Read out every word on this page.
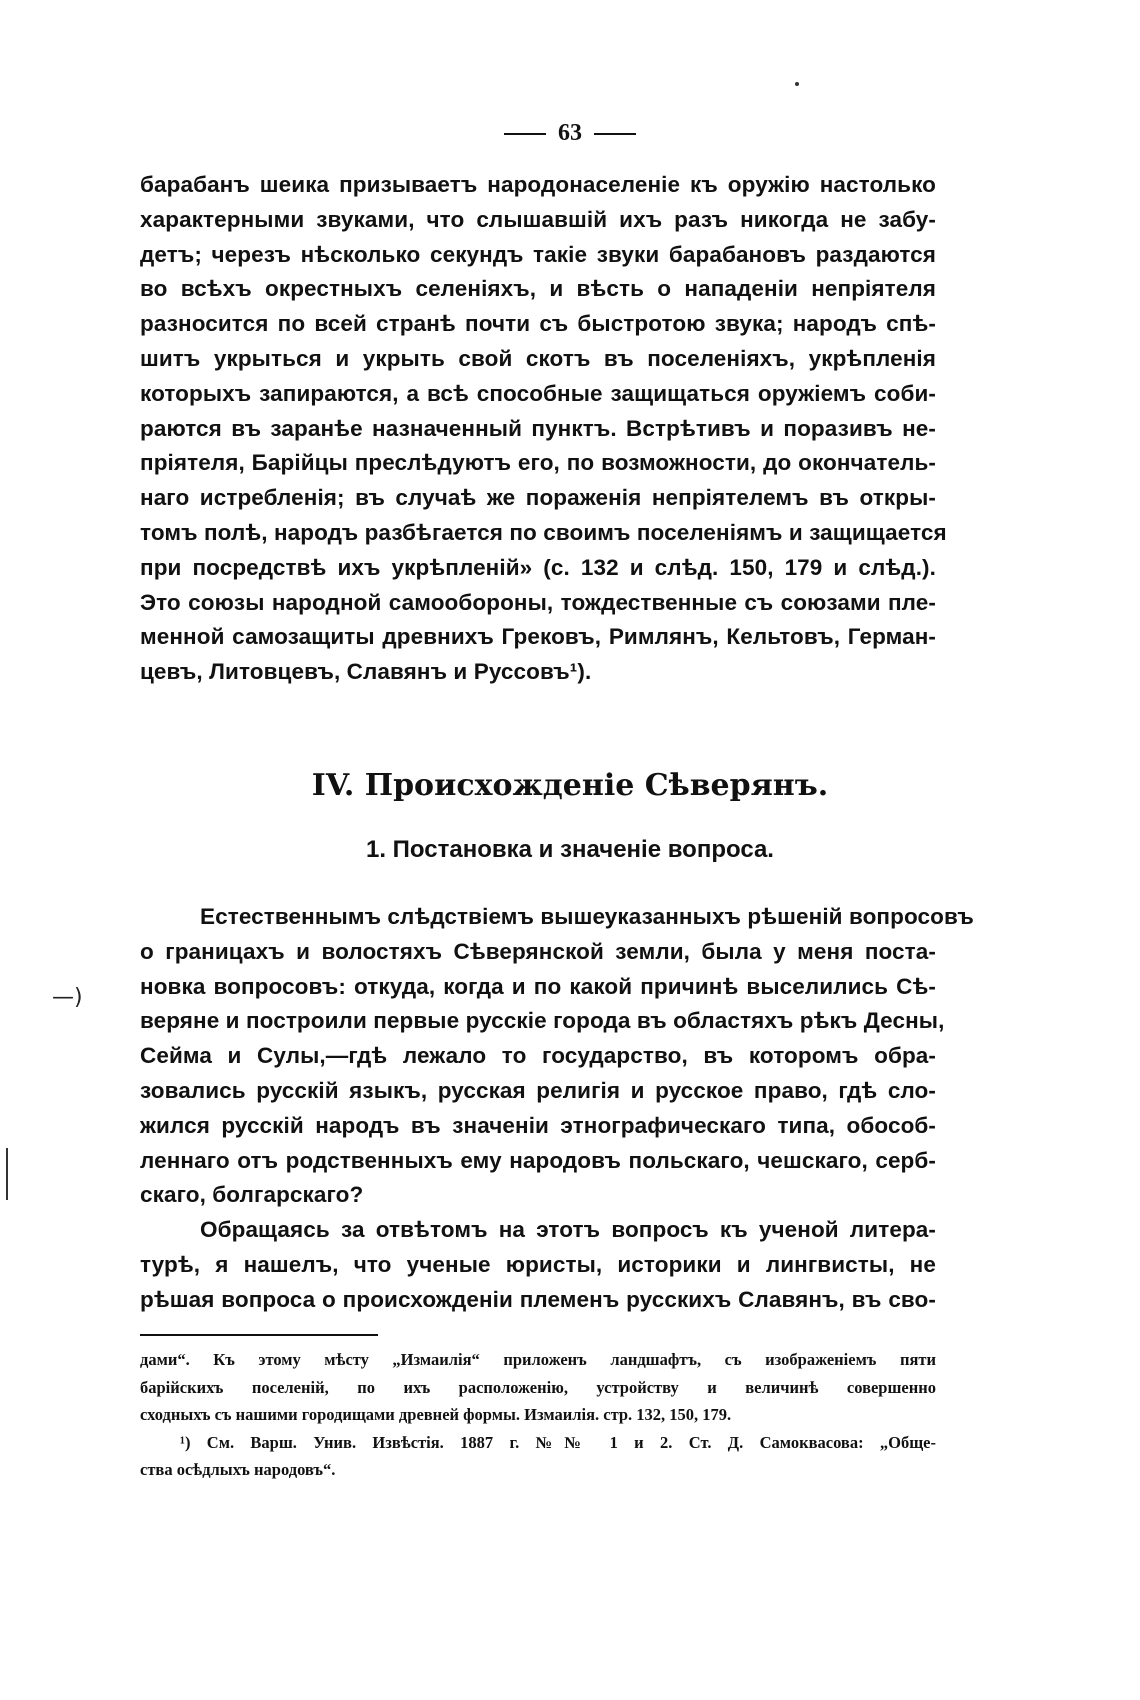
—)
63
барабанъ шеика призываетъ народонаселеніе къ оружію настолько
характерными звуками, что слышавшій ихъ разъ никогда не забу-
детъ; черезъ нѣсколько секундъ такіе звуки барабановъ раздаются
во всѣхъ окрестныхъ селеніяхъ, и вѣсть о нападеніи непріятеля
разносится по всей странѣ почти съ быстротою звука; народъ спѣ-
шитъ укрыться и укрыть свой скотъ въ поселеніяхъ, укрѣпленія
которыхъ запираются, а всѣ способные защищаться оружіемъ соби-
раются въ заранѣе назначенный пунктъ. Встрѣтивъ и поразивъ не-
пріятеля, Барійцы преслѣдуютъ его, по возможности, до окончатель-
наго истребленія; въ случаѣ же пораженія непріятелемъ въ откры-
томъ полѣ, народъ разбѣгается по своимъ поселеніямъ и защищается
при посредствѣ ихъ укрѣпленій» (с. 132 и слѣд. 150, 179 и слѣд.).
Это союзы народной самообороны, тождественные съ союзами пле-
менной самозащиты древнихъ Грековъ, Римлянъ, Кельтовъ, Герман-
цевъ, Литовцевъ, Славянъ и Руссовъ¹).
IV. Происхожденіе Сѣверянъ.
1. Постановка и значеніе вопроса.
Естественнымъ слѣдствіемъ вышеуказанныхъ рѣшеній вопросовъ
о границахъ и волостяхъ Сѣверянской земли, была у меня поста-
новка вопросовъ: откуда, когда и по какой причинѣ выселились Сѣ-
веряне и построили первые русскіе города въ областяхъ рѣкъ Десны,
Сейма и Сулы,—гдѣ лежало то государство, въ которомъ обра-
зовались русскій языкъ, русская религія и русское право, гдѣ сло-
жился русскій народъ въ значеніи этнографическаго типа, обособ-
леннаго отъ родственныхъ ему народовъ польскаго, чешскаго, серб-
скаго, болгарскаго?
Обращаясь за отвѣтомъ на этотъ вопросъ къ ученой литера-
турѣ, я нашелъ, что ученые юристы, историки и лингвисты, не
рѣшая вопроса о происхожденіи племенъ русскихъ Славянъ, въ сво-
дами“. Къ этому мѣсту „Измаилія“ приложенъ ландшафтъ, съ изображеніемъ пяти
барійскихъ поселеній, по ихъ расположенію, устройству и величинѣ совершенно
сходныхъ съ нашими городищами древней формы. Измаилія. стр. 132, 150, 179.
¹) См. Варш. Унив. Извѣстія. 1887 г. №№ 1 и 2. Ст. Д. Самоквасова: „Обще-
ства осѣдлыхъ народовъ“.
